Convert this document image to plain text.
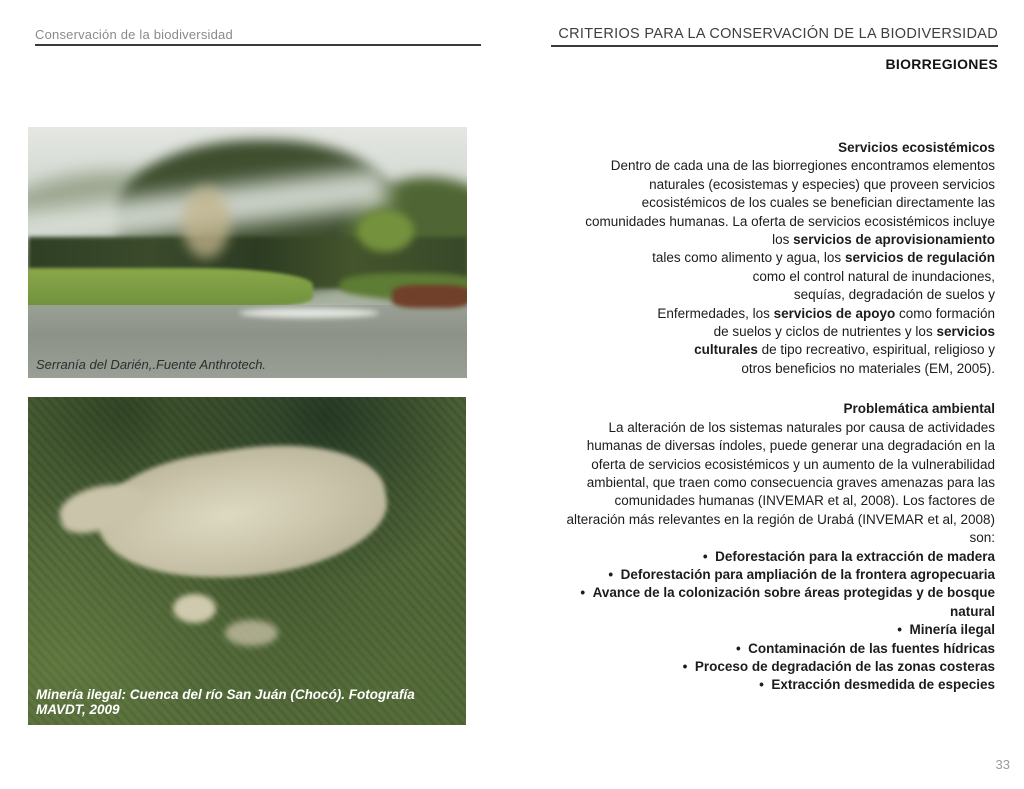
Conservación de la biodiversidad	CRITERIOS PARA LA CONSERVACIÓN DE LA BIODIVERSIDAD
BIORREGIONES
Serranía del Darién,.Fuente Anthrotech.
Minería ilegal: Cuenca del río San Juán (Chocó). Fotografía MAVDT, 2009
Servicios ecosistémicos
Dentro de cada una de las biorregiones encontramos elementos
naturales (ecosistemas y especies) que proveen servicios
ecosistémicos de los cuales se benefician directamente las
comunidades humanas. La oferta de servicios ecosistémicos incluye
los servicios de aprovisionamiento
tales como alimento y agua, los servicios de regulación
como el control natural de inundaciones,
sequías, degradación de suelos y
Enfermedades, los servicios de apoyo como formación
de suelos y ciclos de nutrientes y los servicios
culturales de tipo recreativo, espiritual, religioso y
otros beneficios no materiales (EM, 2005).
Problemática ambiental
La alteración de los sistemas naturales por causa de actividades
humanas de diversas índoles, puede generar una degradación en la
oferta de servicios ecosistémicos y un aumento de la vulnerabilidad
ambiental, que traen como consecuencia graves amenazas para las
comunidades humanas (INVEMAR et al, 2008). Los factores de
alteración más relevantes en la región de Urabá (INVEMAR et al, 2008)
son:
•  Deforestación para la extracción de madera
•  Deforestación para ampliación de la frontera agropecuaria
•  Avance de la colonización sobre áreas protegidas y de bosque natural
•  Minería ilegal
•  Contaminación de las fuentes hídricas
•  Proceso de degradación de las zonas costeras
•  Extracción desmedida de especies
33
